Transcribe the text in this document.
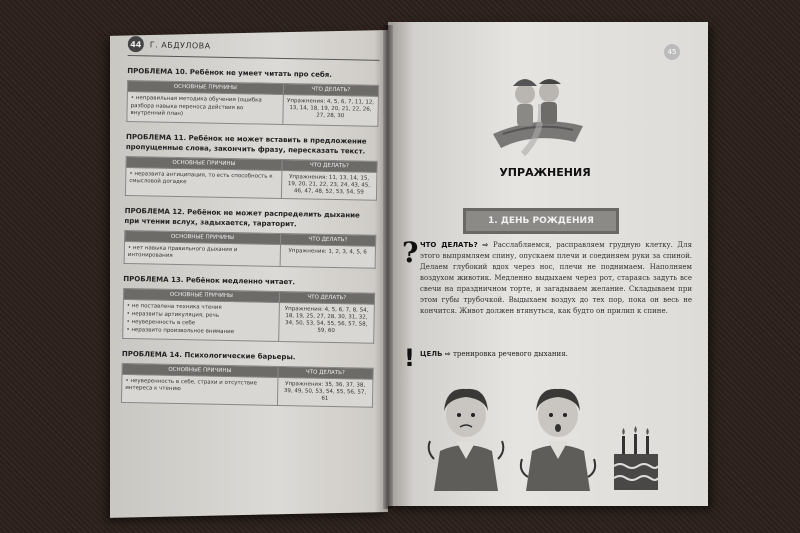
44	Г. АБДУЛОВА
ПРОБЛЕМА 10. Ребёнок не умеет читать про себя.
ОСНОВНЫЕ ПРИЧИНЫ	ЧТО ДЕЛАТЬ?

• неправильная методика обучения (ошибка
разбора навыка переноса действия во внутренний план)	Упражнения: 4, 5, 6, 7, 11, 12, 13, 14, 18, 19, 20, 21, 22, 26, 27, 28, 30
ПРОБЛЕМА 11. Ребёнок не может вставить в предложение пропущенные слова, закончить фразу, пересказать текст.
ОСНОВНЫЕ ПРИЧИНЫ	ЧТО ДЕЛАТЬ?

• неразвита антиципация, то есть способность к смысловой догадке	Упражнения: 11, 13, 14, 15, 19, 20, 21, 22, 23, 24, 43, 45, 46, 47, 48, 52, 53, 54, 59
ПРОБЛЕМА 12. Ребёнок не может распределить дыхание при чтении вслух, задыхается, тараторит.
ОСНОВНЫЕ ПРИЧИНЫ	ЧТО ДЕЛАТЬ?

• нет навыка правильного дыхания и интонирования	Упражнения: 1, 2, 3, 4, 5, 6
ПРОБЛЕМА 13. Ребёнок медленно читает.
ОСНОВНЫЕ ПРИЧИНЫ	ЧТО ДЕЛАТЬ?

• не поставлена техника чтения
• неразвиты артикуляция, речь
• неуверенность в себе
• неразвито произвольное внимание	Упражнения: 4, 5, 6, 7, 8, 54, 18, 19, 25, 27, 28, 30, 31, 32, 34, 50, 53, 54, 55, 56, 57, 58, 59, 60
ПРОБЛЕМА 14. Психологические барьеры.
ОСНОВНЫЕ ПРИЧИНЫ	ЧТО ДЕЛАТЬ?

• неуверенность в себе, страхи и отсутствие интереса к чтению	Упражнения: 35, 36, 37, 38, 39, 49, 50, 53, 54, 55, 56, 57, 61
45
УПРАЖНЕНИЯ
1. ДЕНЬ РОЖДЕНИЯ
? ЧТО ДЕЛАТЬ? ⇨ Расслабляемся, расправляем грудную клетку. Для этого выпрямляем спину, опускаем плечи и соединяем руки за спиной. Делаем глубокий вдох через нос, плечи не поднимаем. Наполняем воздухом животик. Медленно выдыхаем через рот, стараясь задуть все свечи на праздничном торте, и загадываем желание. Складываем при этом губы трубочкой. Выдыхаем воздух до тех пор, пока он весь не кончится. Живот должен втянуться, как будто он прилип к спине.
! ЦЕЛЬ ⇨ тренировка речевого дыхания.
